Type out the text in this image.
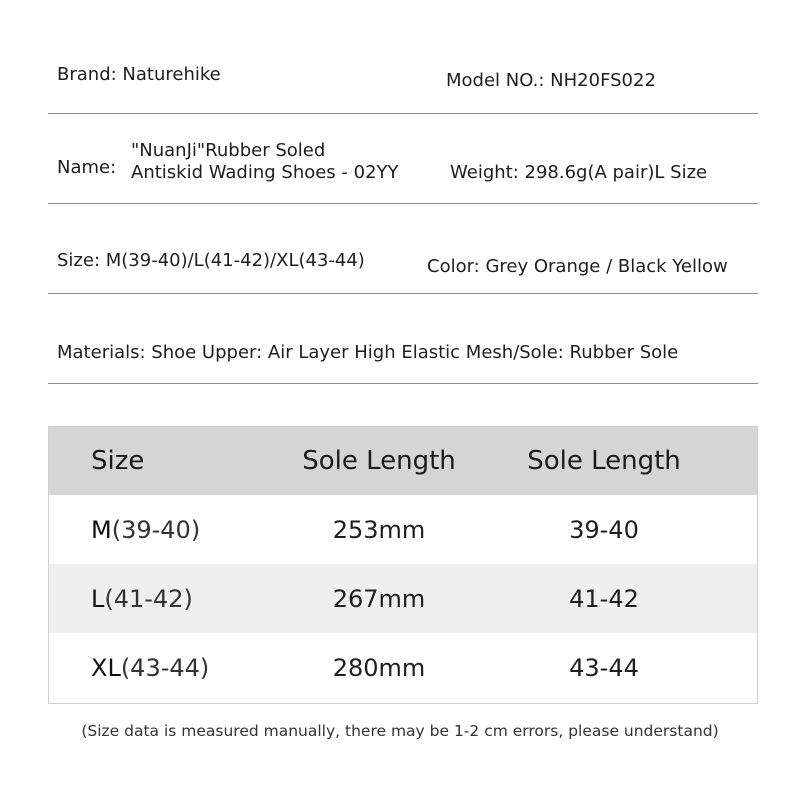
Brand: Naturehike	Model NO.: NH20FS022
Name:
"NuanJi"Rubber Soled
Antiskid Wading Shoes - 02YY	Weight: 298.6g(A pair)L Size
Size: M(39-40)/L(41-42)/XL(43-44)	Color: Grey Orange / Black Yellow
Materials: Shoe Upper: Air Layer High Elastic Mesh/Sole: Rubber Sole
Size	Sole Length	Sole Length
M (39-40)	253mm	39-40
L (41-42)	267mm	41-42
XL (43-44)	280mm	43-44
(Size data is measured manually, there may be 1-2 cm errors, please understand)
